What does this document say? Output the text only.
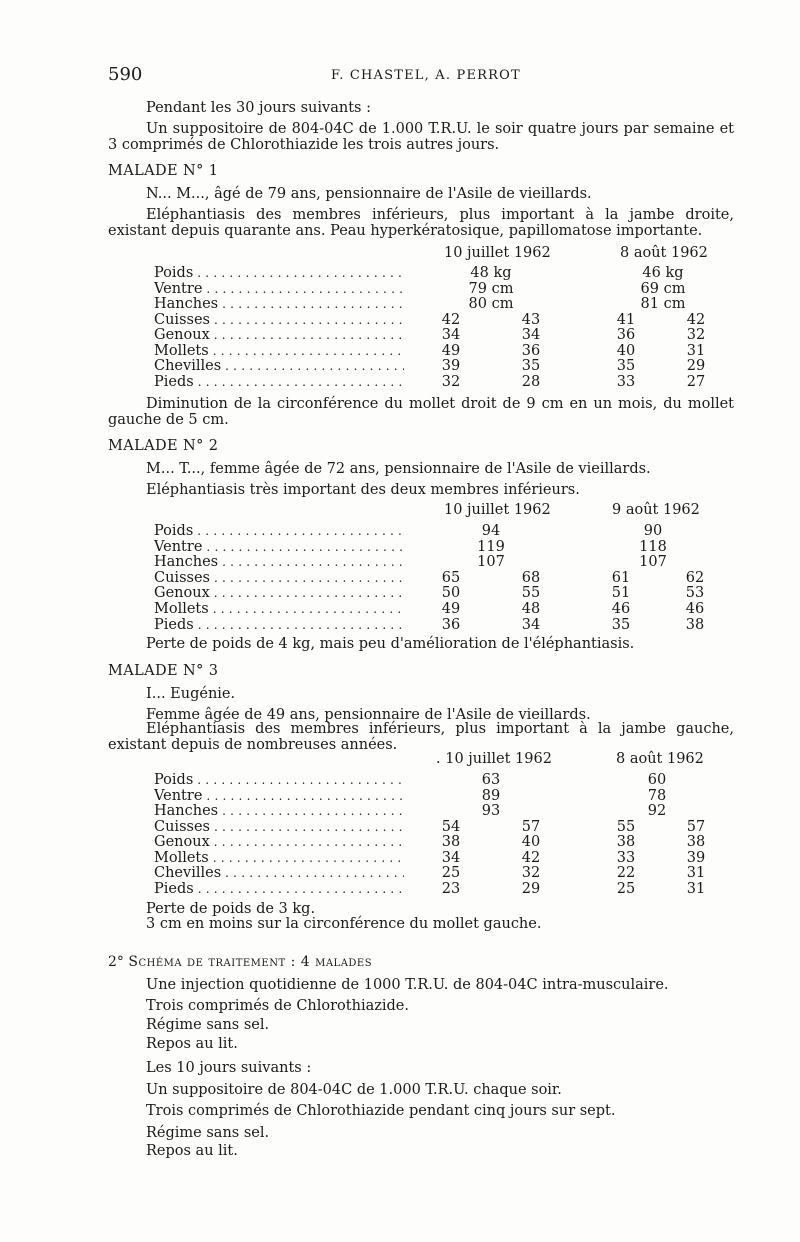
590	F. CHASTEL, A. PERROT
Pendant les 30 jours suivants :
Un suppositoire de 804-04C de 1.000 T.R.U. le soir quatre jours par semaine et 3 comprimés de Chlorothiazide les trois autres jours.
MALADE N° 1
N... M..., âgé de 79 ans, pensionnaire de l'Asile de vieillards.
Eléphantiasis des membres inférieurs, plus important à la jambe droite, existant depuis quarante ans. Peau hyperkératosique, papillomatose importante.
10 juillet 1962	8 août 1962
Poids . . .	48 kg	46 kg
Ventre . . .	79 cm	69 cm
Hanches . . .	80 cm	81 cm
Cuisses . . .	42	43	41	42
Genoux . . .	34	34	36	32
Mollets . . .	49	36	40	31
Chevilles . . .	39	35	35	29
Pieds . . .	32	28	33	27
Diminution de la circonférence du mollet droit de 9 cm en un mois, du mollet gauche de 5 cm.
MALADE N° 2
M... T..., femme âgée de 72 ans, pensionnaire de l'Asile de vieillards.
Eléphantiasis très important des deux membres inférieurs.
10 juillet 1962	9 août 1962
Poids . . .	94	90
Ventre . . .	119	118
Hanches . . .	107	107
Cuisses . . .	65	68	61	62
Genoux . . .	50	55	51	53
Mollets . . .	49	48	46	46
Pieds . . .	36	34	35	38
Perte de poids de 4 kg, mais peu d'amélioration de l'éléphantiasis.
MALADE N° 3
I... Eugénie.
Femme âgée de 49 ans, pensionnaire de l'Asile de vieillards.
Eléphantiasis des membres inférieurs, plus important à la jambe gauche, existant depuis de nombreuses années.
. 10 juillet 1962	8 août 1962
Poids . . .	63	60
Ventre . . .	89	78
Hanches . . .	93	92
Cuisses . . .	54	57	55	57
Genoux . . .	38	40	38	38
Mollets . . .	34	42	33	39
Chevilles . . .	25	32	22	31
Pieds . . .	23	29	25	31
Perte de poids de 3 kg.
3 cm en moins sur la circonférence du mollet gauche.
2° Schéma de traitement : 4 malades
Une injection quotidienne de 1000 T.R.U. de 804-04C intra-musculaire.
Trois comprimés de Chlorothiazide.
Régime sans sel.
Repos au lit.
Les 10 jours suivants :
Un suppositoire de 804-04C de 1.000 T.R.U. chaque soir.
Trois comprimés de Chlorothiazide pendant cinq jours sur sept.
Régime sans sel.
Repos au lit.
